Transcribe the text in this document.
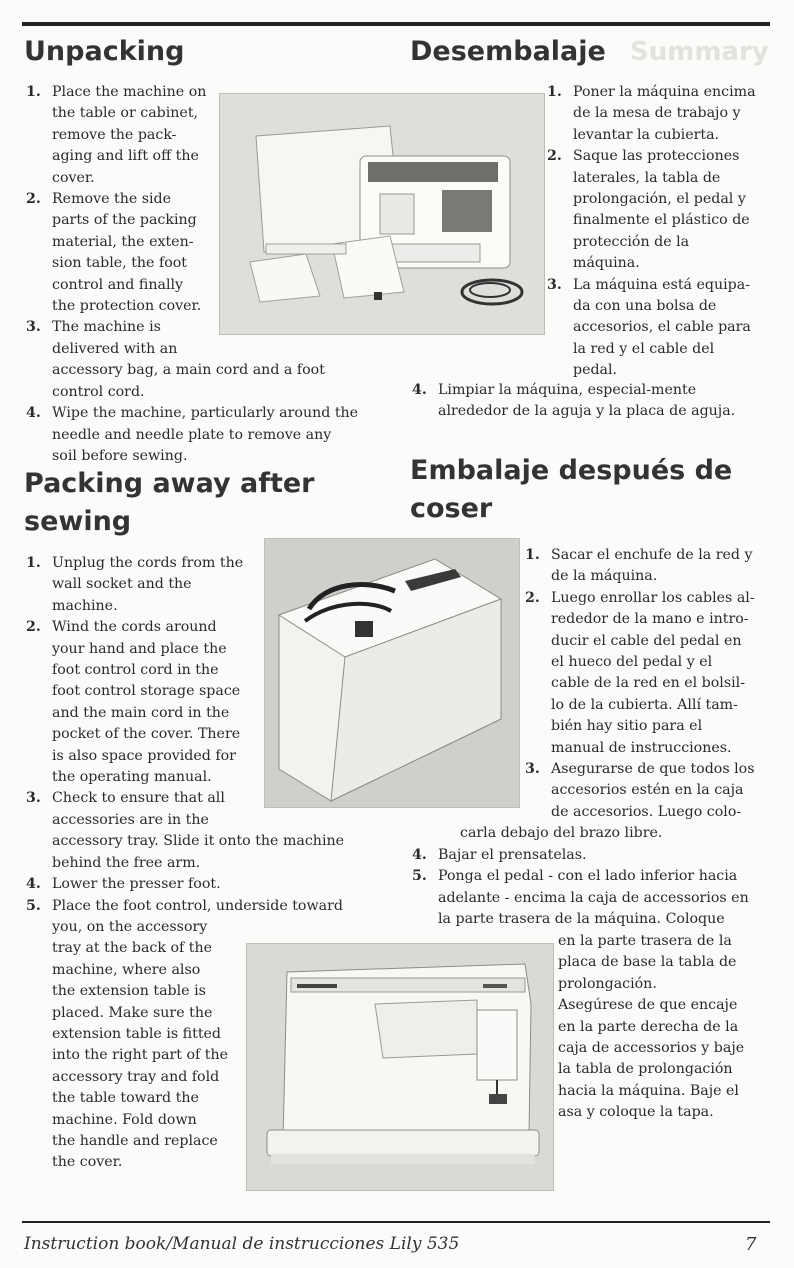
Unpacking
1. Place the machine on
the table or cabinet,
remove the pack-
aging and lift off the
cover.
2. Remove the side
parts of the packing
material, the exten-
sion table, the foot
control and finally
the protection cover.
3. The machine is
delivered with an
accessory bag, a main cord and a foot
control cord.
4. Wipe the machine, particularly around the
needle and needle plate to remove any
soil before sewing.
Summary
Desembalaje
1. Poner la máquina encima
de la mesa de trabajo y
levantar la cubierta.
2. Saque las protecciones
laterales, la tabla de
prolongación, el pedal y
finalmente el plástico de
protección de la
máquina.
3. La máquina está equipa-
da con una bolsa de
accesorios, el cable para
la red y el cable del
pedal.
4. Limpiar la máquina, especial-mente
alrededor de la aguja y la placa de aguja.
Packing away after
sewing
1. Unplug the cords from the
wall socket and the
machine.
2. Wind the cords around
your hand and place the
foot control cord in the
foot control storage space
and the main cord in the
pocket of the cover. There
is also space provided for
the operating manual.
3. Check to ensure that all
accessories are in the
accessory tray. Slide it onto the machine
behind the free arm.
4. Lower the presser foot.
5. Place the foot control, underside toward
you, on the accessory
tray at the back of the
machine, where also
the extension table is
placed. Make sure the
extension table is fitted
into the right part of the
accessory tray and fold
the table toward the
machine. Fold down
the handle and replace
the cover.
Embalaje después de
coser
1. Sacar el enchufe de la red y
de la máquina.
2. Luego enrollar los cables al-
rededor de la mano e intro-
ducir el cable del pedal en
el hueco del pedal y el
cable de la red en el bolsil-
lo de la cubierta. Allí tam-
bién hay sitio para el
manual de instrucciones.
3. Asegurarse de que todos los
accesorios estén en la caja
de accesorios. Luego colo-
carla debajo del brazo libre.
4. Bajar el prensatelas.
5. Ponga el pedal - con el lado inferior hacia
adelante - encima la caja de accessorios en
la parte trasera de la máquina. Coloque
en la parte trasera de la
placa de base la tabla de
prolongación.
Asegúrese de que encaje
en la parte derecha de la
caja de accessorios y baje
la tabla de prolongación
hacia la máquina. Baje el
asa y coloque la tapa.
Instruction book/Manual de instrucciones Lily 535	7
